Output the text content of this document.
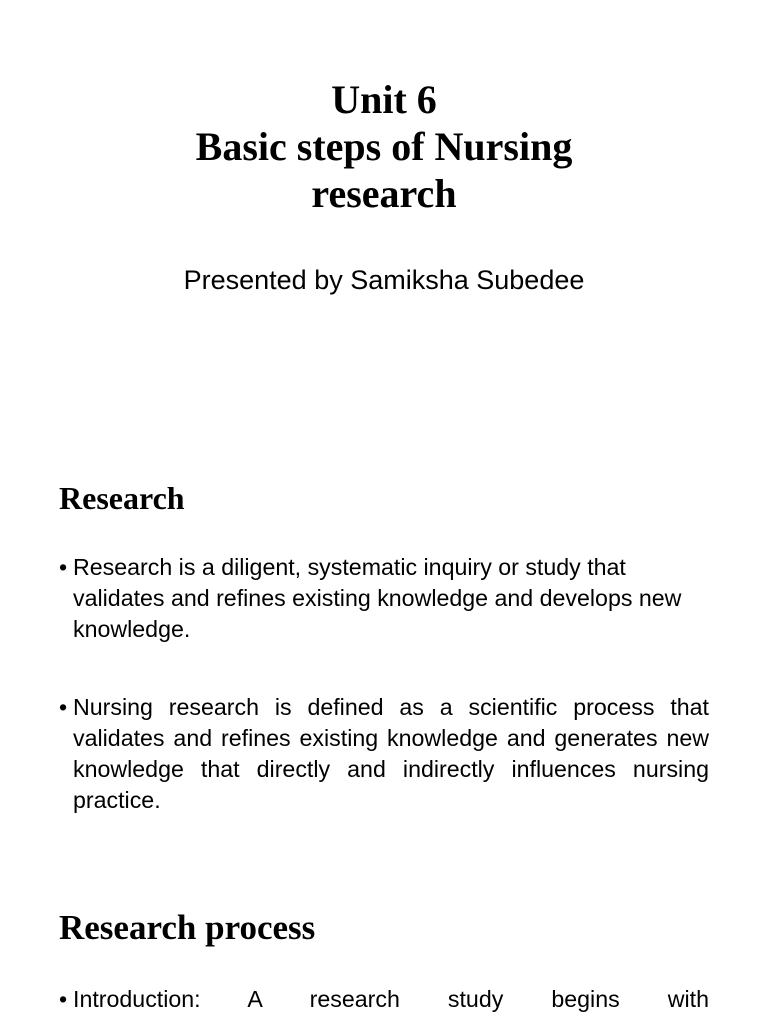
Unit 6
Basic steps of Nursing
research
Presented by Samiksha Subedee
Research
• Research is a diligent, systematic inquiry or study that validates and refines existing knowledge and develops new knowledge.
• Nursing research is defined as a scientific process that validates and refines existing knowledge and generates new knowledge that directly and indirectly influences nursing practice.
Research process
• Introduction: A research study begins with
